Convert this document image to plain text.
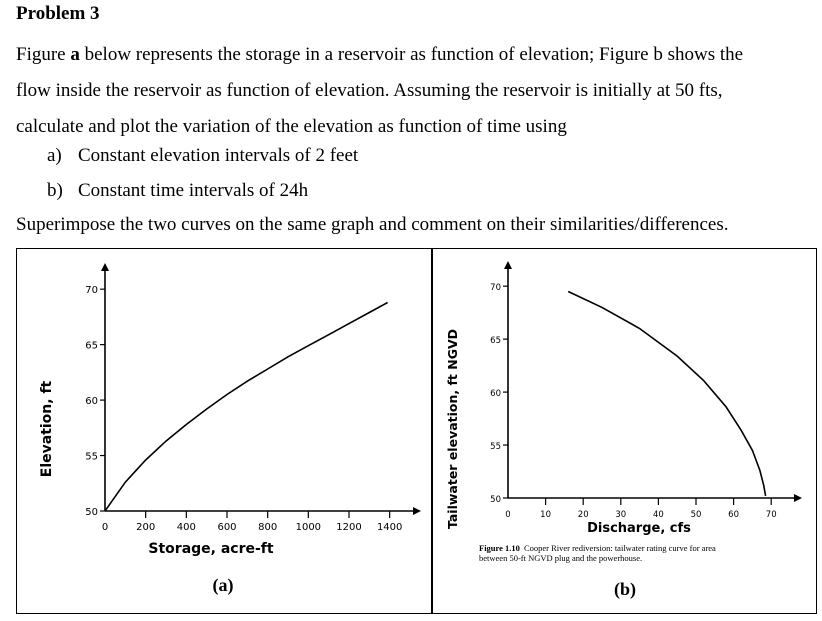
Problem 3
Figure a below represents the storage in a reservoir as function of elevation; Figure b shows the
flow inside the reservoir as function of elevation. Assuming the reservoir is initially at 50 fts,
calculate and plot the variation of the elevation as function of time using
a) Constant elevation intervals of 2 feet
b) Constant time intervals of 24h
Superimpose the two curves on the same graph and comment on their similarities/differences.
0	200 400 600 800 1000 1200 1400
50
55
60
65
70
Storage, acre-ft
Elevation, ft
(a)
0	10	20	30	40	50	60	70
50
55
60
65
70
Discharge, cfs
Tailwater elevation, ft NGVD
Figure 1.10 Cooper River rediversion: tailwater rating curve for area
between 50-ft NGVD plug and the powerhouse.
(b)
